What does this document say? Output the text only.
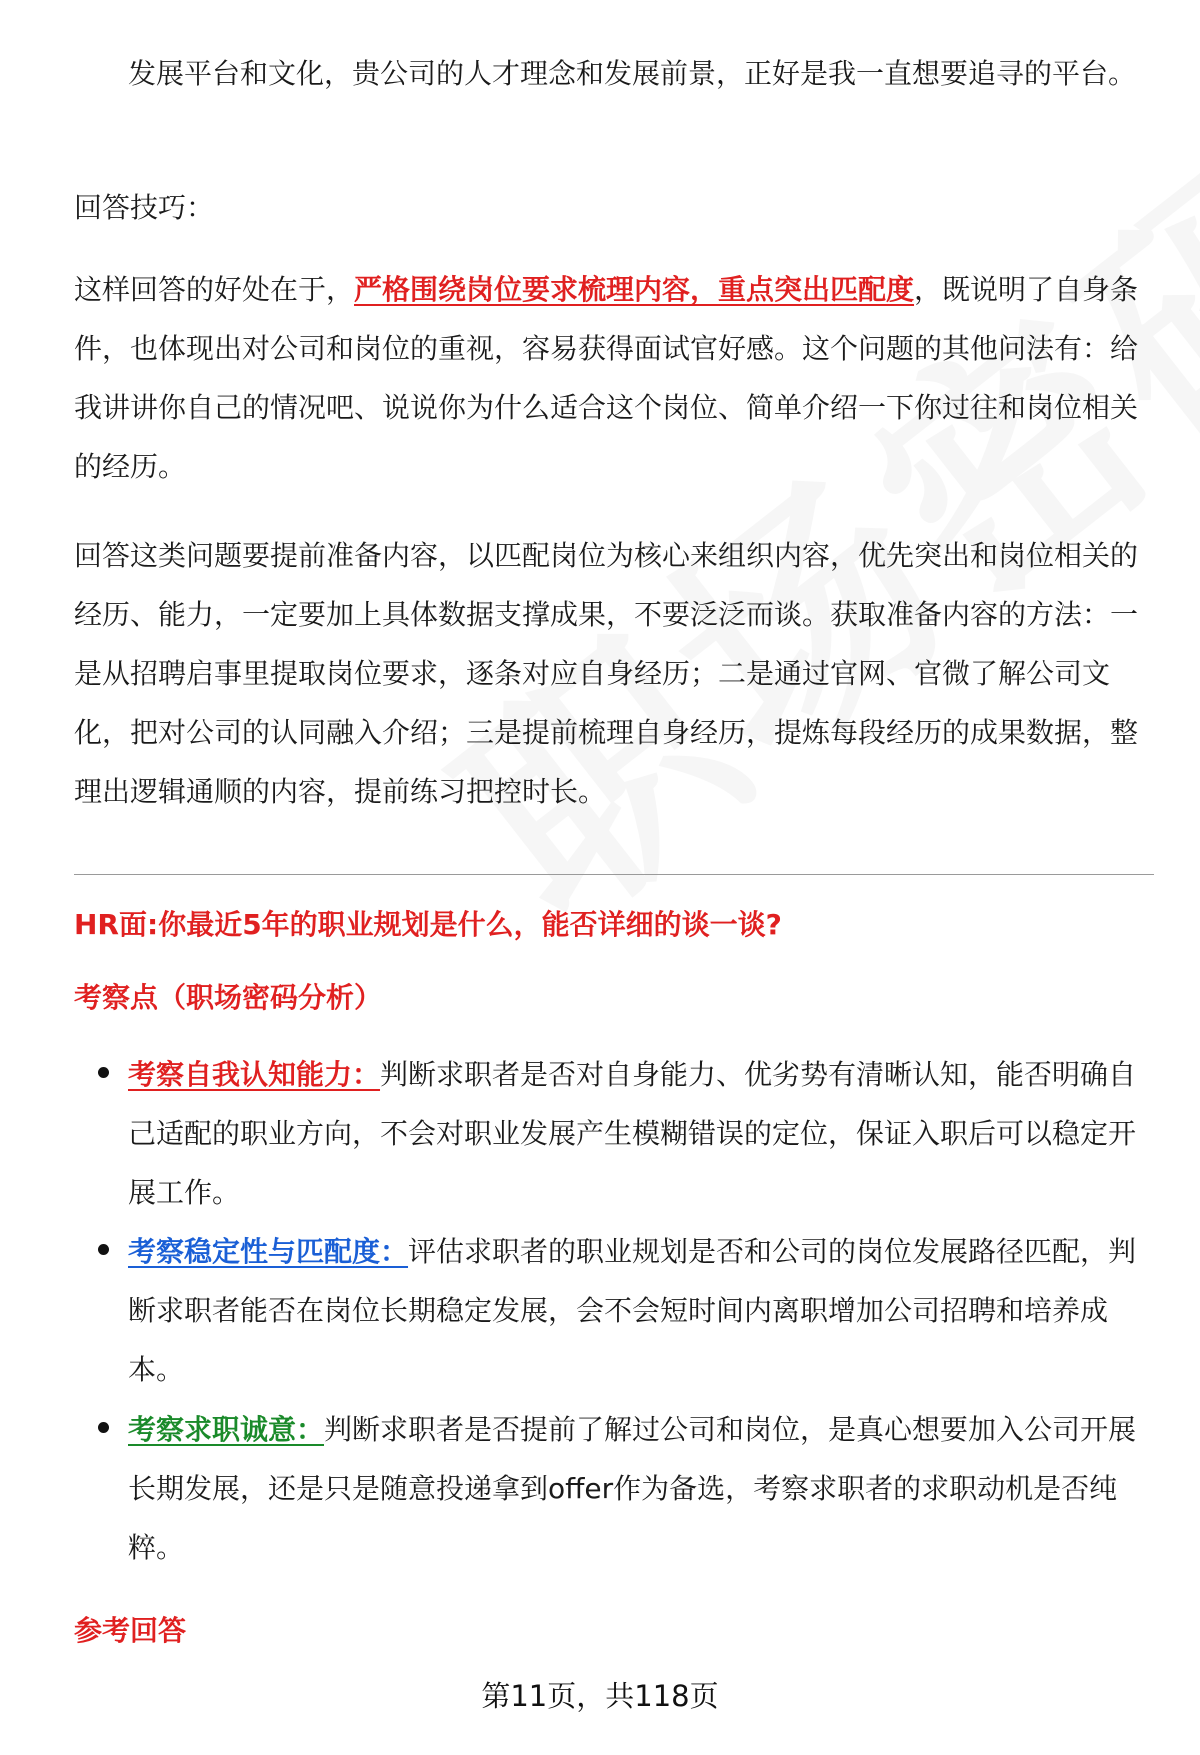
发展平台和文化，贵公司的人才理念和发展前景，正好是我一直想要追寻的平台。

回答技巧：

这样回答的好处在于，严格围绕岗位要求梳理内容，重点突出匹配度，既说明了自身条件，也体现出对公司和岗位的重视，容易获得面试官好感。这个问题的其他问法有：给我讲讲你自己的情况吧、说说你为什么适合这个岗位、简单介绍一下你过往和岗位相关的经历。

回答这类问题要提前准备内容，以匹配岗位为核心来组织内容，优先突出和岗位相关的经历、能力，一定要加上具体数据支撑成果，不要泛泛而谈。获取准备内容的方法：一是从招聘启事里提取岗位要求，逐条对应自身经历；二是通过官网、官微了解公司文化，把对公司的认同融入介绍；三是提前梳理自身经历，提炼每段经历的成果数据，整理出逻辑通顺的内容，提前练习把控时长。

HR面:你最近5年的职业规划是什么，能否详细的谈一谈?
考察点（职场密码分析）
考察自我认知能力：判断求职者是否对自身能力、优劣势有清晰认知，能否明确自己适配的职业方向，不会对职业发展产生模糊错误的定位，保证入职后可以稳定开展工作。
考察稳定性与匹配度：评估求职者的职业规划是否和公司的岗位发展路径匹配，判断求职者能否在岗位长期稳定发展，会不会短时间内离职增加公司招聘和培养成本。
考察求职诚意：判断求职者是否提前了解过公司和岗位，是真心想要加入公司开展长期发展，还是只是随意投递拿到offer作为备选，考察求职者的求职动机是否纯粹。
参考回答
第11页，共118页
